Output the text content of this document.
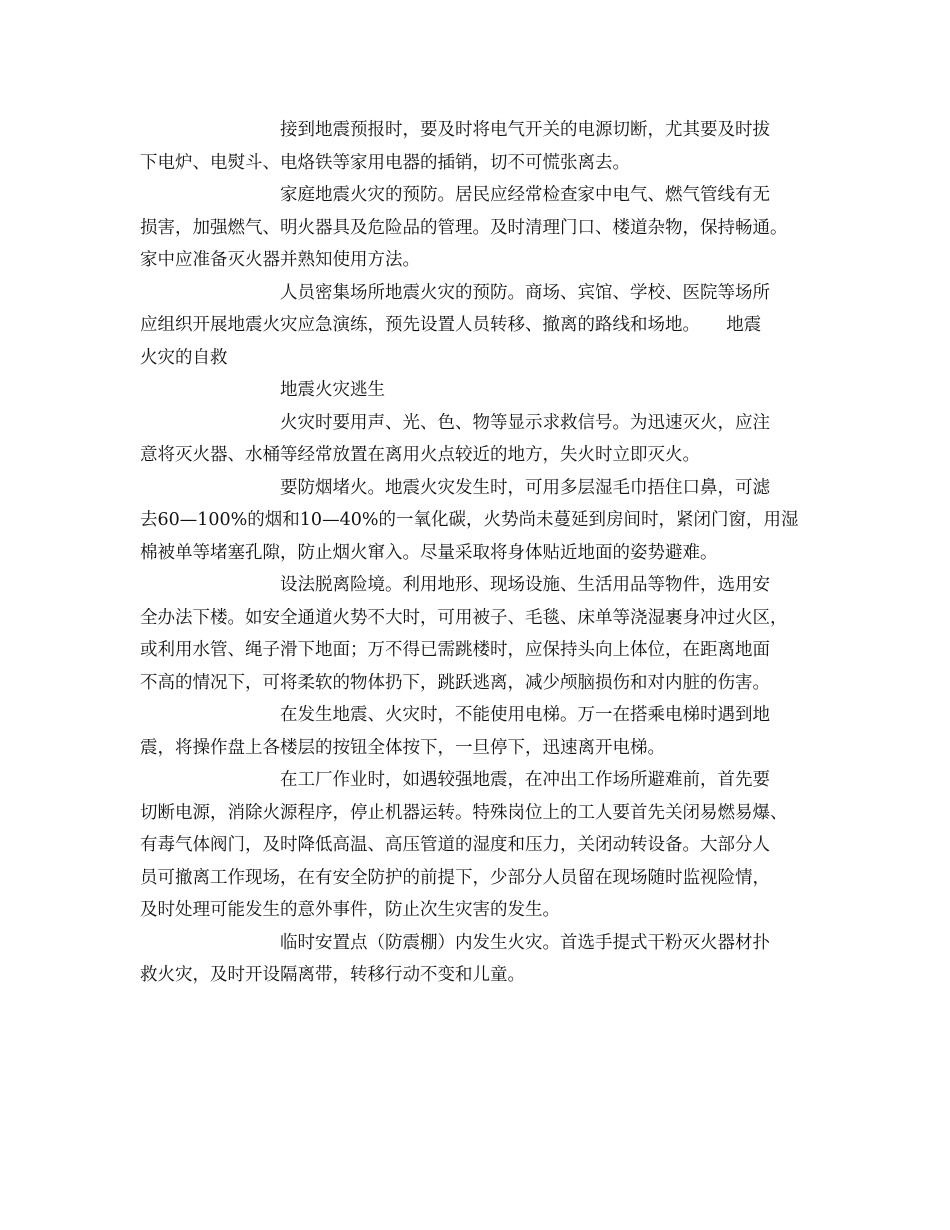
接到地震预报时，要及时将电气开关的电源切断，尤其要及时拔
下电炉、电熨斗、电烙铁等家用电器的插销，切不可慌张离去。
家庭地震火灾的预防。居民应经常检查家中电气、燃气管线有无
损害，加强燃气、明火器具及危险品的管理。及时清理门口、楼道杂物，保持畅通。
家中应准备灭火器并熟知使用方法。
人员密集场所地震火灾的预防。商场、宾馆、学校、医院等场所
应组织开展地震火灾应急演练，预先设置人员转移、撤离的路线和场地。　　地震
火灾的自救
地震火灾逃生
火灾时要用声、光、色、物等显示求救信号。为迅速灭火，应注
意将灭火器、水桶等经常放置在离用火点较近的地方，失火时立即灭火。
要防烟堵火。地震火灾发生时，可用多层湿毛巾捂住口鼻，可滤
去60—100%的烟和10—40%的一氧化碳，火势尚未蔓延到房间时，紧闭门窗，用湿
棉被单等堵塞孔隙，防止烟火窜入。尽量采取将身体贴近地面的姿势避难。
设法脱离险境。利用地形、现场设施、生活用品等物件，选用安
全办法下楼。如安全通道火势不大时，可用被子、毛毯、床单等浇湿裹身冲过火区，
或利用水管、绳子滑下地面；万不得已需跳楼时，应保持头向上体位，在距离地面
不高的情况下，可将柔软的物体扔下，跳跃逃离，减少颅脑损伤和对内脏的伤害。
在发生地震、火灾时，不能使用电梯。万一在搭乘电梯时遇到地
震，将操作盘上各楼层的按钮全体按下，一旦停下，迅速离开电梯。
在工厂作业时，如遇较强地震，在冲出工作场所避难前，首先要
切断电源，消除火源程序，停止机器运转。特殊岗位上的工人要首先关闭易燃易爆、
有毒气体阀门，及时降低高温、高压管道的湿度和压力，关闭动转设备。大部分人
员可撤离工作现场，在有安全防护的前提下，少部分人员留在现场随时监视险情，
及时处理可能发生的意外事件，防止次生灾害的发生。
临时安置点（防震棚）内发生火灾。首选手提式干粉灭火器材扑
救火灾，及时开设隔离带，转移行动不变和儿童。
